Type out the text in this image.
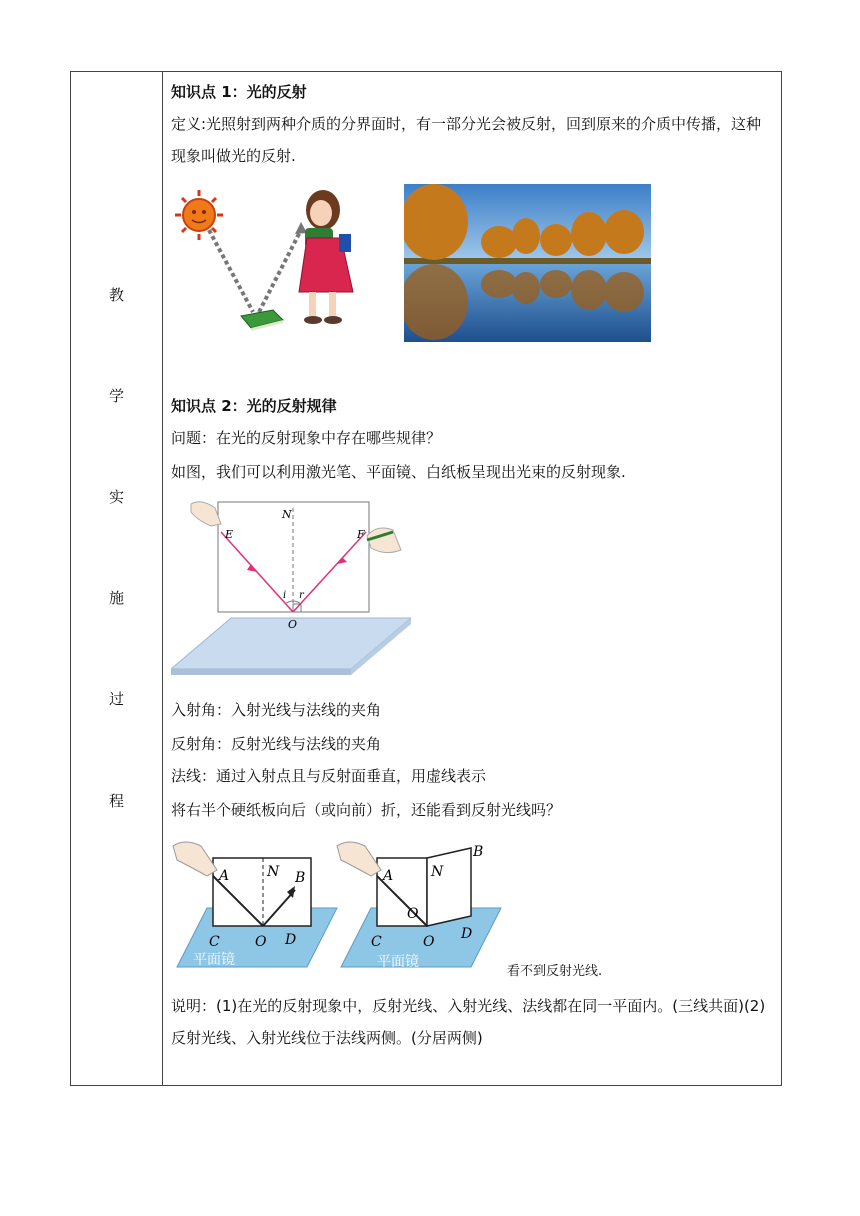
教
学
实
施
过
程
知识点 1：光的反射
定义:光照射到两种介质的分界面时，有一部分光会被反射，回到原来的介质中传播，这种现象叫做光的反射.
知识点 2：光的反射规律
问题：在光的反射现象中存在哪些规律？
如图，我们可以利用激光笔、平面镜、白纸板呈现出光束的反射现象.
E
N
F
i r
O
入射角：入射光线与法线的夹角
反射角：反射光线与法线的夹角
法线：通过入射点且与反射面垂直，用虚线表示
将右半个硬纸板向后（或向前）折，还能看到反射光线吗？
A	N B
C	O D
平面镜
A	N
B
O
C	O D
平面镜
看不到反射光线.
说明：(1)在光的反射现象中，反射光线、入射光线、法线都在同一平面内。(三线共面)(2)反射光线、入射光线位于法线两侧。(分居两侧)
